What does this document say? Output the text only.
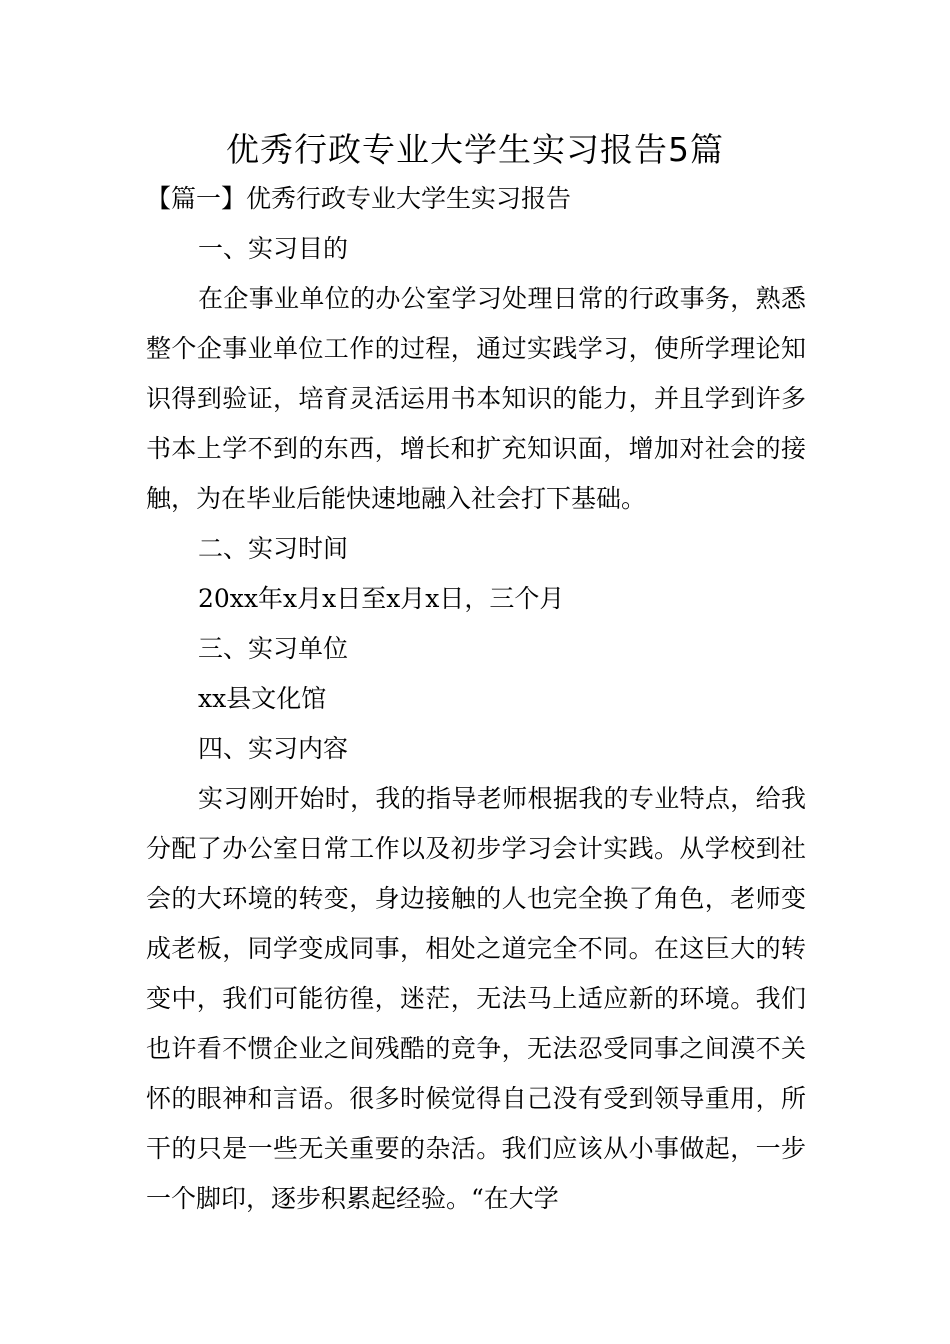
优秀行政专业大学生实习报告5篇

【篇一】优秀行政专业大学生实习报告

一、实习目的

在企事业单位的办公室学习处理日常的行政事务，熟悉整个企事业单位工作的过程，通过实践学习，使所学理论知识得到验证，培育灵活运用书本知识的能力，并且学到许多书本上学不到的东西，增长和扩充知识面，增加对社会的接触，为在毕业后能快速地融入社会打下基础。

二、实习时间

20xx年x月x日至x月x日，三个月

三、实习单位

xx县文化馆

四、实习内容

实习刚开始时，我的指导老师根据我的专业特点，给我分配了办公室日常工作以及初步学习会计实践。从学校到社会的大环境的转变，身边接触的人也完全换了角色，老师变成老板，同学变成同事，相处之道完全不同。在这巨大的转变中，我们可能彷徨，迷茫，无法马上适应新的环境。我们也许看不惯企业之间残酷的竞争，无法忍受同事之间漠不关怀的眼神和言语。很多时候觉得自己没有受到领导重用，所干的只是一些无关重要的杂活。我们应该从小事做起，一步一个脚印，逐步积累起经验。“在大学
